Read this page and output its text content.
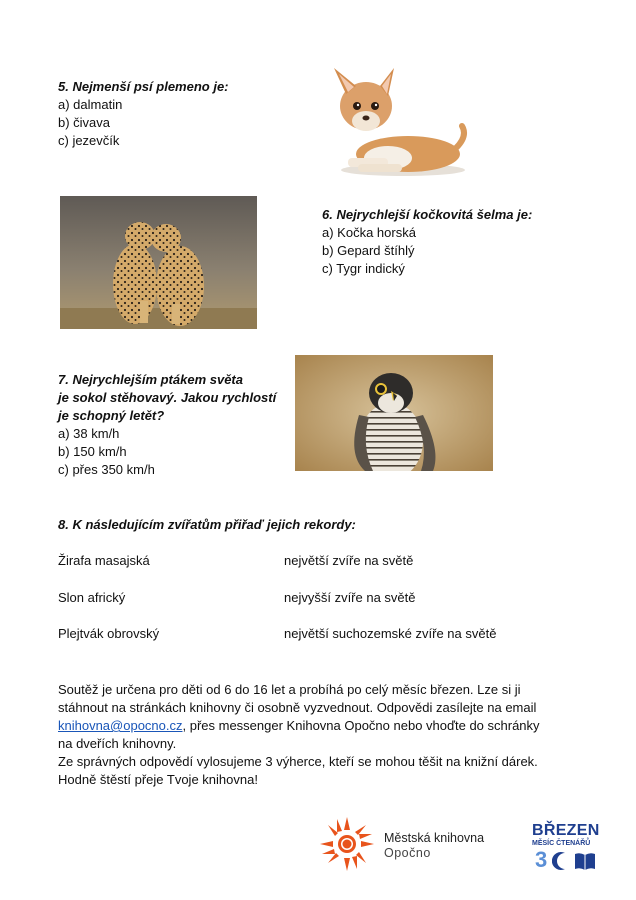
5. Nejmenší psí plemeno je:
a) dalmatin
b) čivava
c) jezevčík
6. Nejrychlejší kočkovitá šelma je:
a) Kočka horská
b) Gepard štíhlý
c) Tygr indický
7. Nejrychlejším ptákem světa
je sokol stěhovavý. Jakou rychlostí
je schopný letět?
a) 38 km/h
b) 150 km/h
c) přes 350 km/h
8. K následujícím zvířatům přiřaď jejich rekordy:
Žirafa masajská
Slon africký
Plejtvák obrovský
největší zvíře na světě
nejvyšší zvíře na světě
největší suchozemské zvíře na světě
Soutěž je určena pro děti od 6 do 16 let a probíhá po celý měsíc březen. Lze si ji
stáhnout na stránkách knihovny či osobně vyzvednout. Odpovědi zasílejte na email
knihovna@opocno.cz, přes messenger Knihovna Opočno nebo vhoďte do schránky
na dveřích knihovny.
Ze správných odpovědí vylosujeme 3 výherce, kteří se mohou těšit na knižní dárek.
Hodně štěstí přeje Tvoje knihovna!
Městská knihovna
Opočno
BŘEZEN
MĚSÍC ČTENÁŘŮ
3
